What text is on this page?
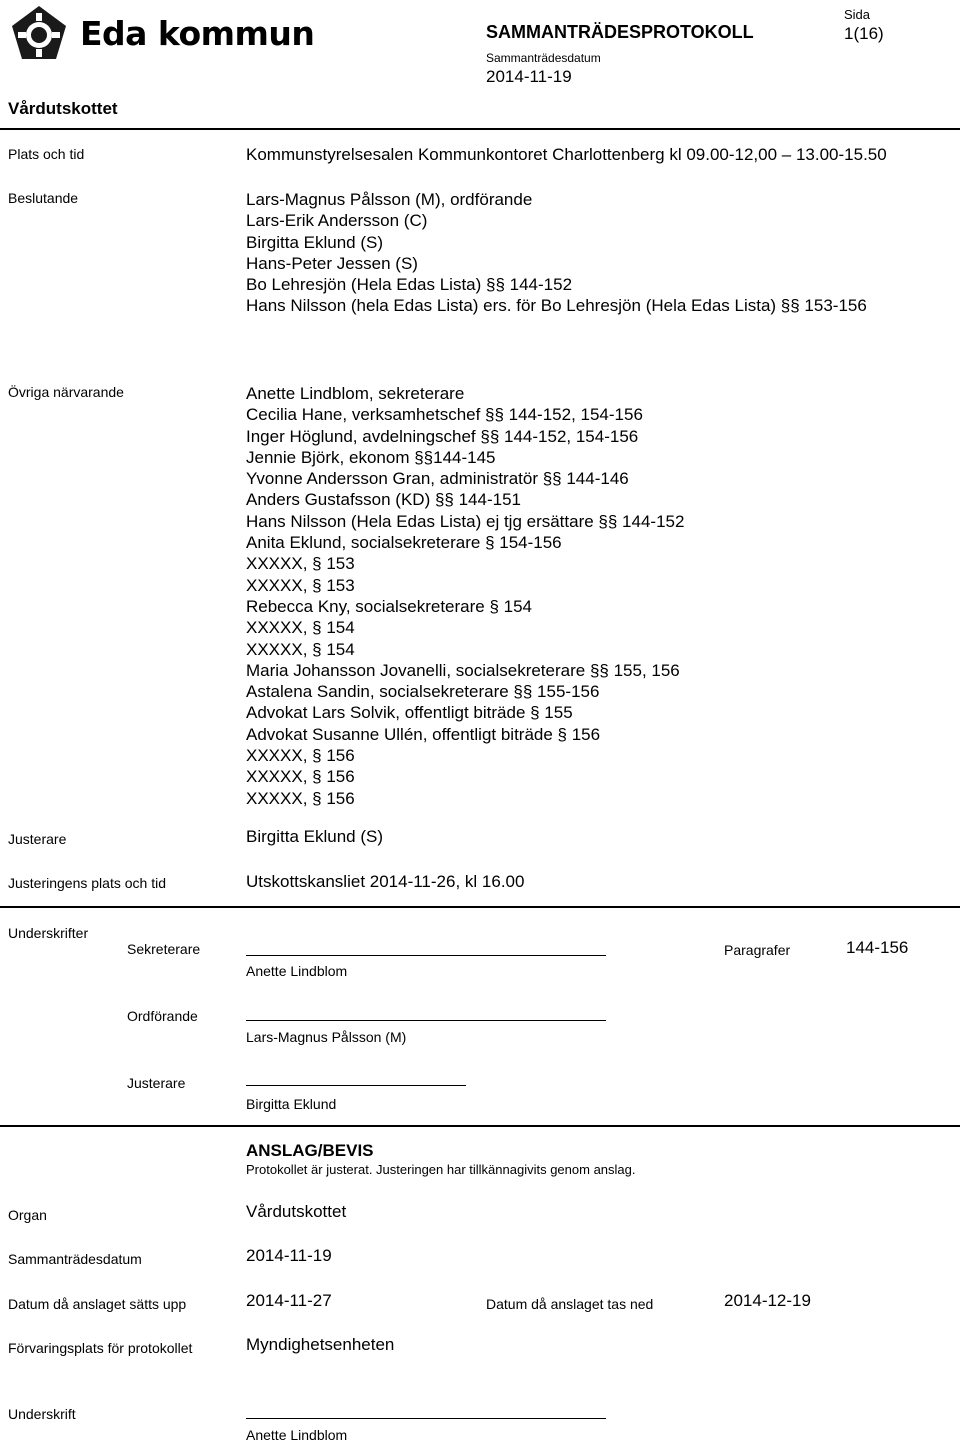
Eda kommun	SAMMANTRÄDESPROTOKOLL
Sammanträdesdatum
2014-11-19
Sida
1(16)
Vårdutskottet
Plats och tid	Kommunstyrelsesalen Kommunkontoret Charlottenberg kl 09.00-12,00 – 13.00-15.50
Beslutande	Lars-Magnus Pålsson (M), ordförande
Lars-Erik Andersson (C)
Birgitta Eklund (S)
Hans-Peter Jessen (S)
Bo Lehresjön (Hela Edas Lista) §§ 144-152
Hans Nilsson (hela Edas Lista) ers. för Bo Lehresjön (Hela Edas Lista) §§ 153-156
Övriga närvarande	Anette Lindblom, sekreterare
Cecilia Hane, verksamhetschef §§ 144-152, 154-156
Inger Höglund, avdelningschef §§ 144-152, 154-156
Jennie Björk, ekonom §§144-145
Yvonne Andersson Gran, administratör §§ 144-146
Anders Gustafsson (KD) §§ 144-151
Hans Nilsson (Hela Edas Lista) ej tjg ersättare §§ 144-152
Anita Eklund, socialsekreterare § 154-156
XXXXX, § 153
XXXXX, § 153
Rebecca Kny, socialsekreterare § 154
XXXXX, § 154
XXXXX, § 154
Maria Johansson Jovanelli, socialsekreterare §§ 155, 156
Astalena Sandin, socialsekreterare §§ 155-156
Advokat Lars Solvik, offentligt biträde § 155
Advokat Susanne Ullén, offentligt biträde § 156
XXXXX, § 156
XXXXX, § 156
XXXXX, § 156
Justerare	Birgitta Eklund (S)
Justeringens plats och tid	Utskottskansliet 2014-11-26, kl 16.00
Underskrifter
Sekreterare
Anette Lindblom
Paragrafer	144-156
Ordförande
Lars-Magnus Pålsson (M)
Justerare
Birgitta Eklund
ANSLAG/BEVIS
Protokollet är justerat. Justeringen har tillkännagivits genom anslag.
Organ	Vårdutskottet
Sammanträdesdatum	2014-11-19
Datum då anslaget sätts upp	2014-11-27	Datum då anslaget tas ned	2014-12-19
Förvaringsplats för protokollet	Myndighetsenheten
Underskrift
Anette Lindblom
